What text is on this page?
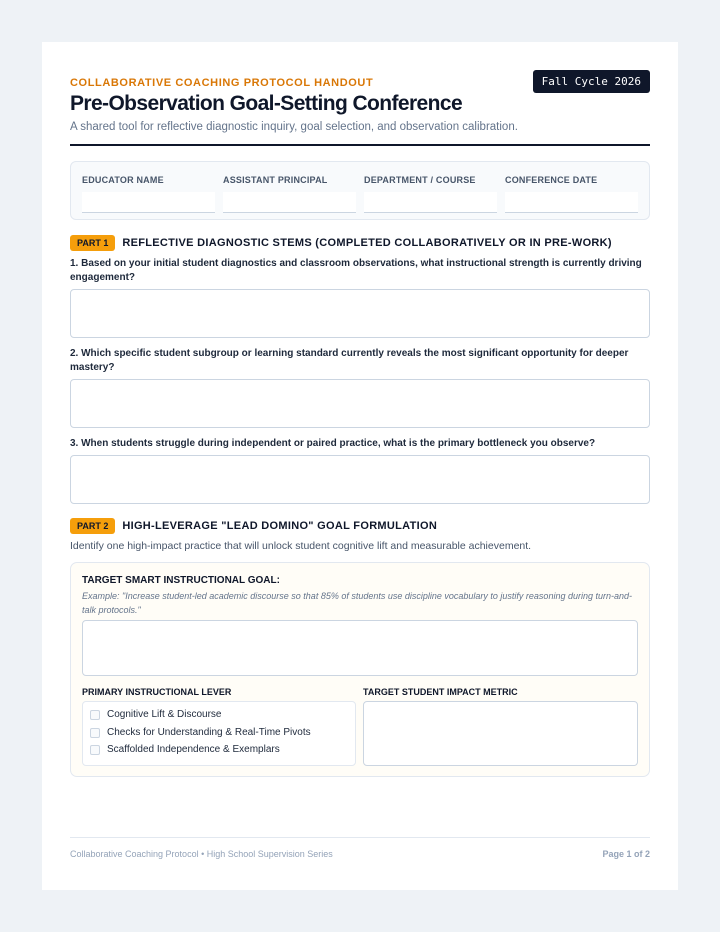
COLLABORATIVE COACHING PROTOCOL HANDOUT	Fall Cycle 2026
Pre-Observation Goal-Setting Conference
A shared tool for reflective diagnostic inquiry, goal selection, and observation calibration.
EDUCATOR NAME	ASSISTANT PRINCIPAL	DEPARTMENT / COURSE	CONFERENCE DATE
PART 1	REFLECTIVE DIAGNOSTIC STEMS (COMPLETED COLLABORATIVELY OR IN PRE-WORK)
1. Based on your initial student diagnostics and classroom observations, what instructional strength is currently driving engagement?
2. Which specific student subgroup or learning standard currently reveals the most significant opportunity for deeper mastery?
3. When students struggle during independent or paired practice, what is the primary bottleneck you observe?
PART 2	HIGH-LEVERAGE "LEAD DOMINO" GOAL FORMULATION
Identify one high-impact practice that will unlock student cognitive lift and measurable achievement.
TARGET SMART INSTRUCTIONAL GOAL:
Example: "Increase student-led academic discourse so that 85% of students use discipline vocabulary to justify reasoning during turn-and-talk protocols."
PRIMARY INSTRUCTIONAL LEVER	TARGET STUDENT IMPACT METRIC
Cognitive Lift & Discourse
Checks for Understanding & Real-Time Pivots
Scaffolded Independence & Exemplars
Collaborative Coaching Protocol • High School Supervision Series	Page 1 of 2
